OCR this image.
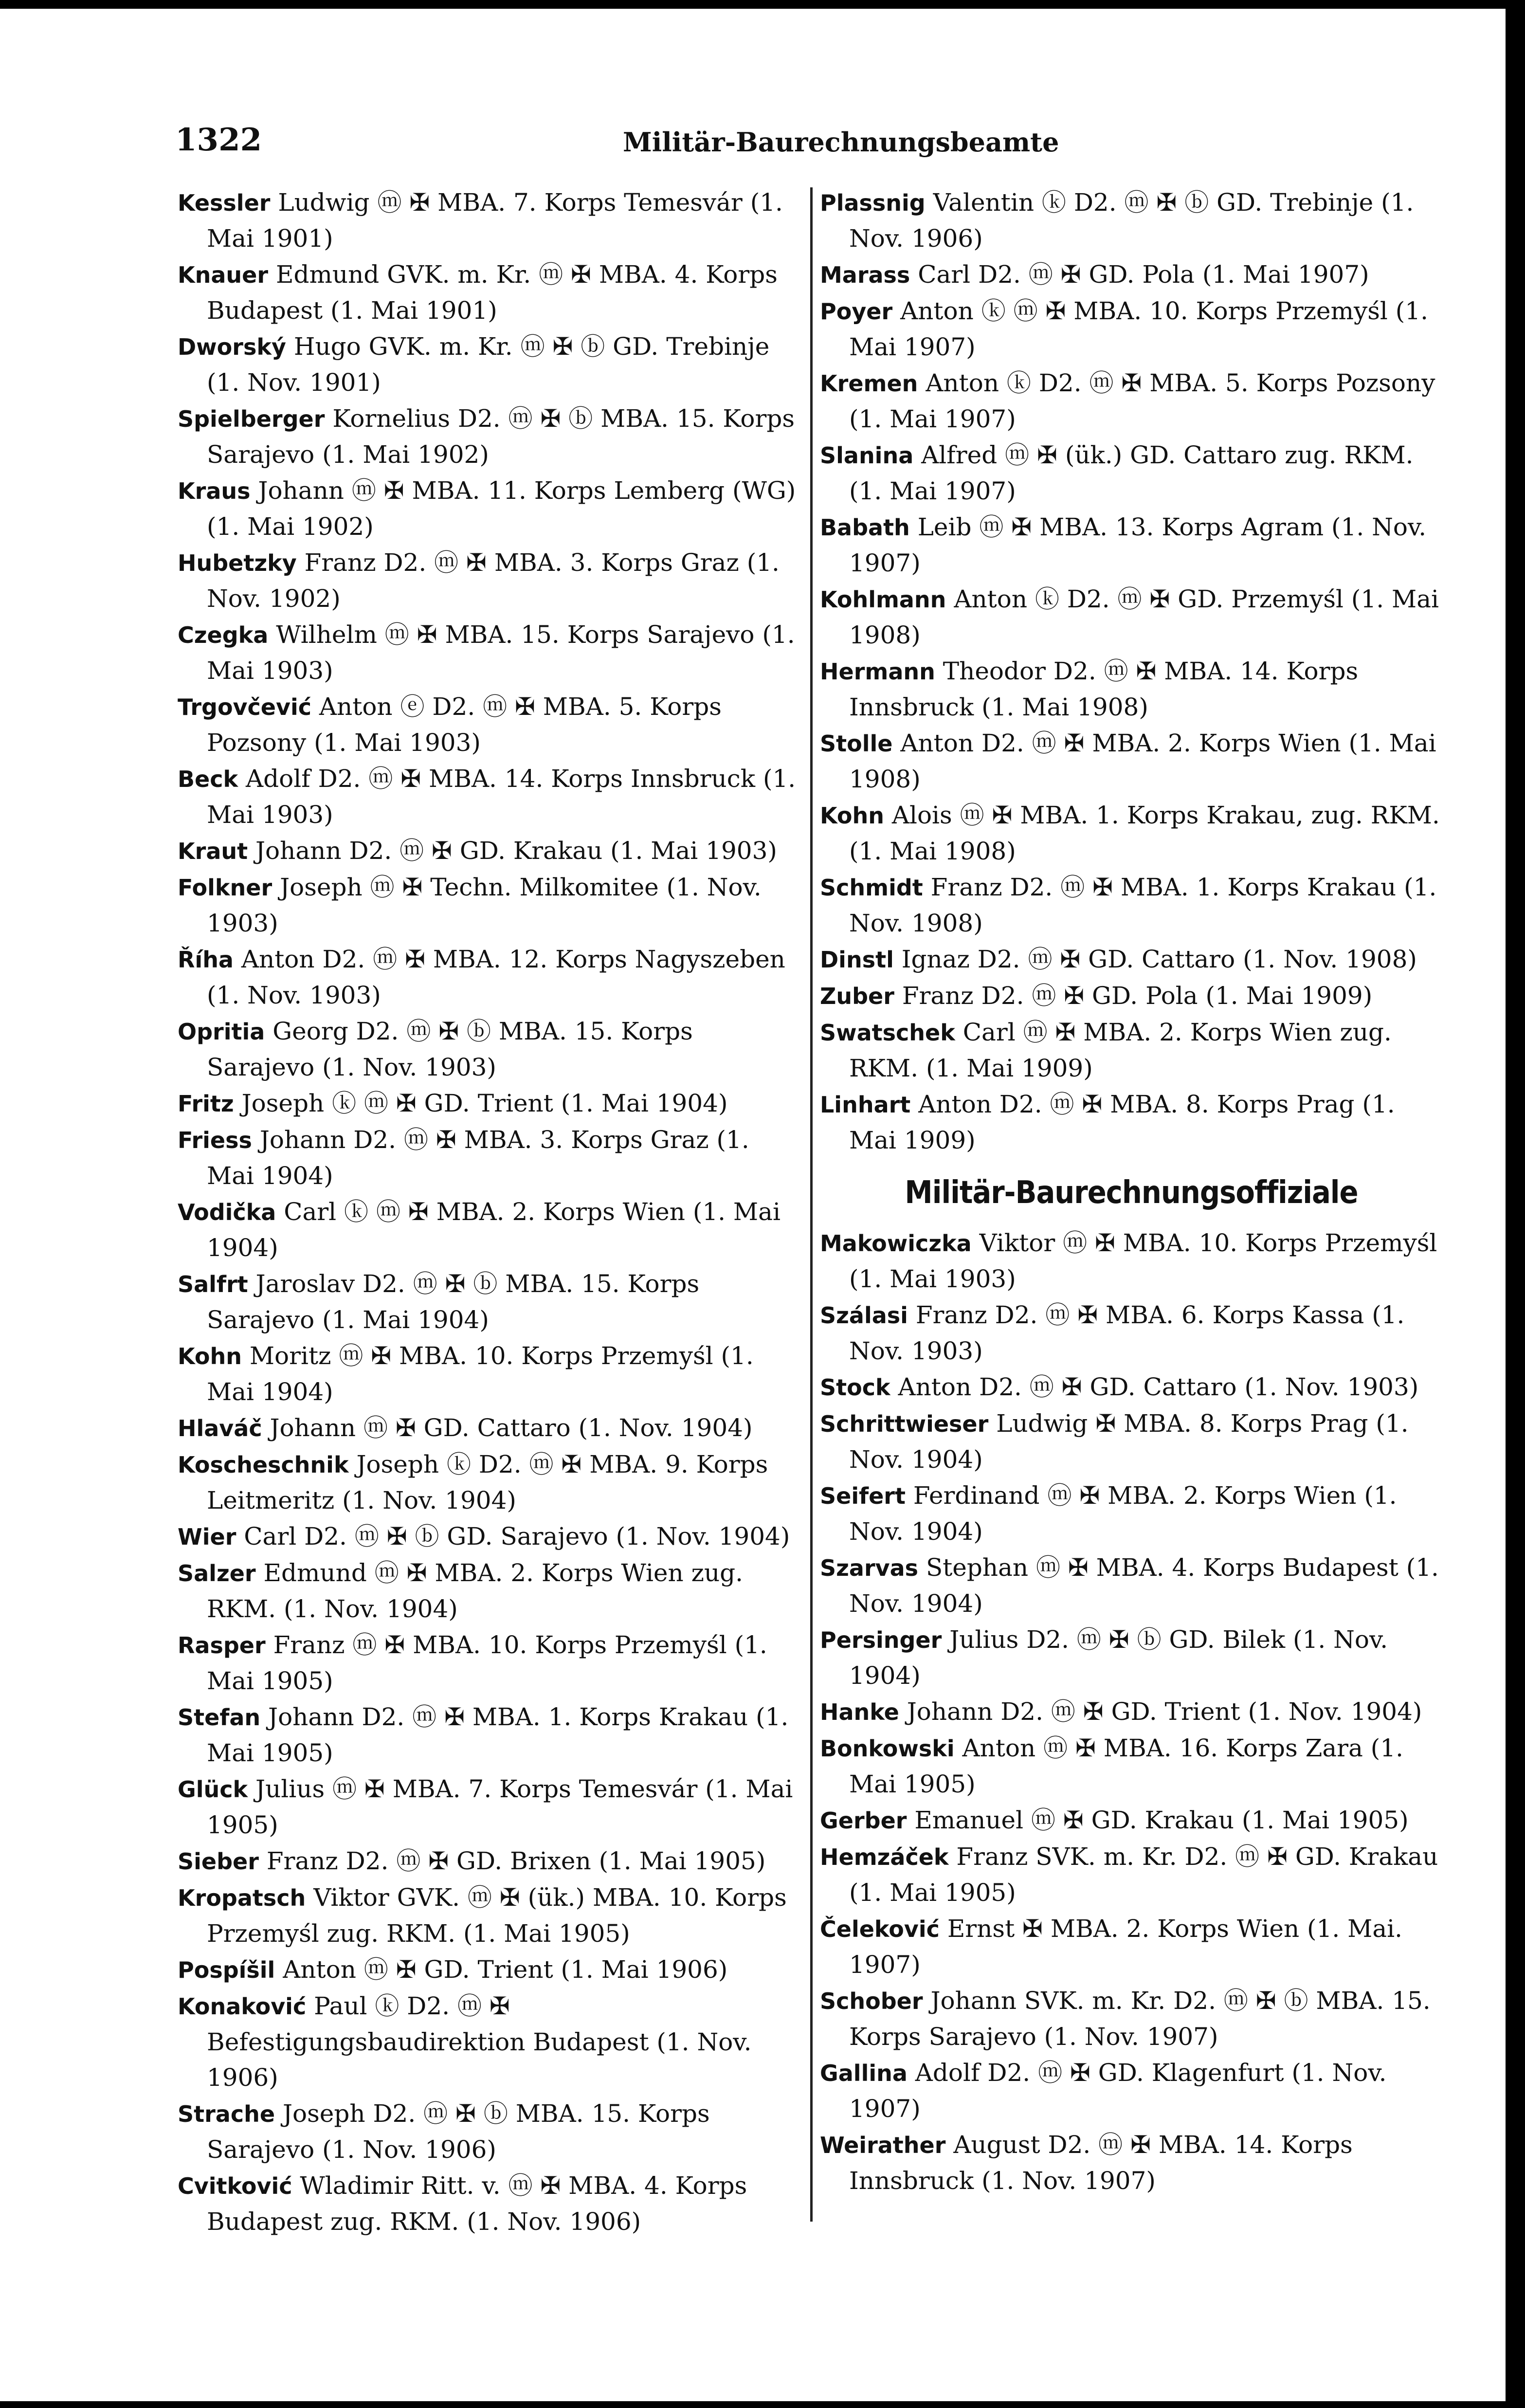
1322	Militär-Baurechnungsbeamte
Kessler Ludwig ⓜ ✠ MBA. 7. Korps Temesvár (1. Mai 1901)
Knauer Edmund GVK. m. Kr. ⓜ ✠ MBA. 4. Korps Budapest (1. Mai 1901)
Dworský Hugo GVK. m. Kr. ⓜ ✠ ⓑ GD. Trebinje (1. Nov. 1901)
Spielberger Kornelius D2. ⓜ ✠ ⓑ MBA. 15. Korps Sarajevo (1. Mai 1902)
Kraus Johann ⓜ ✠ MBA. 11. Korps Lemberg (WG) (1. Mai 1902)
Hubetzky Franz D2. ⓜ ✠ MBA. 3. Korps Graz (1. Nov. 1902)
Czegka Wilhelm ⓜ ✠ MBA. 15. Korps Sarajevo (1. Mai 1903)
Trgovčević Anton ⓔ D2. ⓜ ✠ MBA. 5. Korps Pozsony (1. Mai 1903)
Beck Adolf D2. ⓜ ✠ MBA. 14. Korps Innsbruck (1. Mai 1903)
Kraut Johann D2. ⓜ ✠ GD. Krakau (1. Mai 1903)
Folkner Joseph ⓜ ✠ Techn. Milkomitee (1. Nov. 1903)
Říha Anton D2. ⓜ ✠ MBA. 12. Korps Nagyszeben (1. Nov. 1903)
Opritia Georg D2. ⓜ ✠ ⓑ MBA. 15. Korps Sarajevo (1. Nov. 1903)
Fritz Joseph ⓚ ⓜ ✠ GD. Trient (1. Mai 1904)
Friess Johann D2. ⓜ ✠ MBA. 3. Korps Graz (1. Mai 1904)
Vodička Carl ⓚ ⓜ ✠ MBA. 2. Korps Wien (1. Mai 1904)
Salfrt Jaroslav D2. ⓜ ✠ ⓑ MBA. 15. Korps Sarajevo (1. Mai 1904)
Kohn Moritz ⓜ ✠ MBA. 10. Korps Przemyśl (1. Mai 1904)
Hlaváč Johann ⓜ ✠ GD. Cattaro (1. Nov. 1904)
Koscheschnik Joseph ⓚ D2. ⓜ ✠ MBA. 9. Korps Leitmeritz (1. Nov. 1904)
Wier Carl D2. ⓜ ✠ ⓑ GD. Sarajevo (1. Nov. 1904)
Salzer Edmund ⓜ ✠ MBA. 2. Korps Wien zug. RKM. (1. Nov. 1904)
Rasper Franz ⓜ ✠ MBA. 10. Korps Przemyśl (1. Mai 1905)
Stefan Johann D2. ⓜ ✠ MBA. 1. Korps Krakau (1. Mai 1905)
Glück Julius ⓜ ✠ MBA. 7. Korps Temesvár (1. Mai 1905)
Sieber Franz D2. ⓜ ✠ GD. Brixen (1. Mai 1905)
Kropatsch Viktor GVK. ⓜ ✠ (ük.) MBA. 10. Korps Przemyśl zug. RKM. (1. Mai 1905)
Pospíšil Anton ⓜ ✠ GD. Trient (1. Mai 1906)
Konaković Paul ⓚ D2. ⓜ ✠ Befestigungsbaudirektion Budapest (1. Nov. 1906)
Strache Joseph D2. ⓜ ✠ ⓑ MBA. 15. Korps Sarajevo (1. Nov. 1906)
Cvitković Wladimir Ritt. v. ⓜ ✠ MBA. 4. Korps Budapest zug. RKM. (1. Nov. 1906)
Plassnig Valentin ⓚ D2. ⓜ ✠ ⓑ GD. Trebinje (1. Nov. 1906)
Marass Carl D2. ⓜ ✠ GD. Pola (1. Mai 1907)
Poyer Anton ⓚ ⓜ ✠ MBA. 10. Korps Przemyśl (1. Mai 1907)
Kremen Anton ⓚ D2. ⓜ ✠ MBA. 5. Korps Pozsony (1. Mai 1907)
Slanina Alfred ⓜ ✠ (ük.) GD. Cattaro zug. RKM. (1. Mai 1907)
Babath Leib ⓜ ✠ MBA. 13. Korps Agram (1. Nov. 1907)
Kohlmann Anton ⓚ D2. ⓜ ✠ GD. Przemyśl (1. Mai 1908)
Hermann Theodor D2. ⓜ ✠ MBA. 14. Korps Innsbruck (1. Mai 1908)
Stolle Anton D2. ⓜ ✠ MBA. 2. Korps Wien (1. Mai 1908)
Kohn Alois ⓜ ✠ MBA. 1. Korps Krakau, zug. RKM. (1. Mai 1908)
Schmidt Franz D2. ⓜ ✠ MBA. 1. Korps Krakau (1. Nov. 1908)
Dinstl Ignaz D2. ⓜ ✠ GD. Cattaro (1. Nov. 1908)
Zuber Franz D2. ⓜ ✠ GD. Pola (1. Mai 1909)
Swatschek Carl ⓜ ✠ MBA. 2. Korps Wien zug. RKM. (1. Mai 1909)
Linhart Anton D2. ⓜ ✠ MBA. 8. Korps Prag (1. Mai 1909)
Militär-Baurechnungsoffiziale
Makowiczka Viktor ⓜ ✠ MBA. 10. Korps Przemyśl (1. Mai 1903)
Szálasi Franz D2. ⓜ ✠ MBA. 6. Korps Kassa (1. Nov. 1903)
Stock Anton D2. ⓜ ✠ GD. Cattaro (1. Nov. 1903)
Schrittwieser Ludwig ✠ MBA. 8. Korps Prag (1. Nov. 1904)
Seifert Ferdinand ⓜ ✠ MBA. 2. Korps Wien (1. Nov. 1904)
Szarvas Stephan ⓜ ✠ MBA. 4. Korps Budapest (1. Nov. 1904)
Persinger Julius D2. ⓜ ✠ ⓑ GD. Bilek (1. Nov. 1904)
Hanke Johann D2. ⓜ ✠ GD. Trient (1. Nov. 1904)
Bonkowski Anton ⓜ ✠ MBA. 16. Korps Zara (1. Mai 1905)
Gerber Emanuel ⓜ ✠ GD. Krakau (1. Mai 1905)
Hemzáček Franz SVK. m. Kr. D2. ⓜ ✠ GD. Krakau (1. Mai 1905)
Čeleković Ernst ✠ MBA. 2. Korps Wien (1. Mai. 1907)
Schober Johann SVK. m. Kr. D2. ⓜ ✠ ⓑ MBA. 15. Korps Sarajevo (1. Nov. 1907)
Gallina Adolf D2. ⓜ ✠ GD. Klagenfurt (1. Nov. 1907)
Weirather August D2. ⓜ ✠ MBA. 14. Korps Innsbruck (1. Nov. 1907)
